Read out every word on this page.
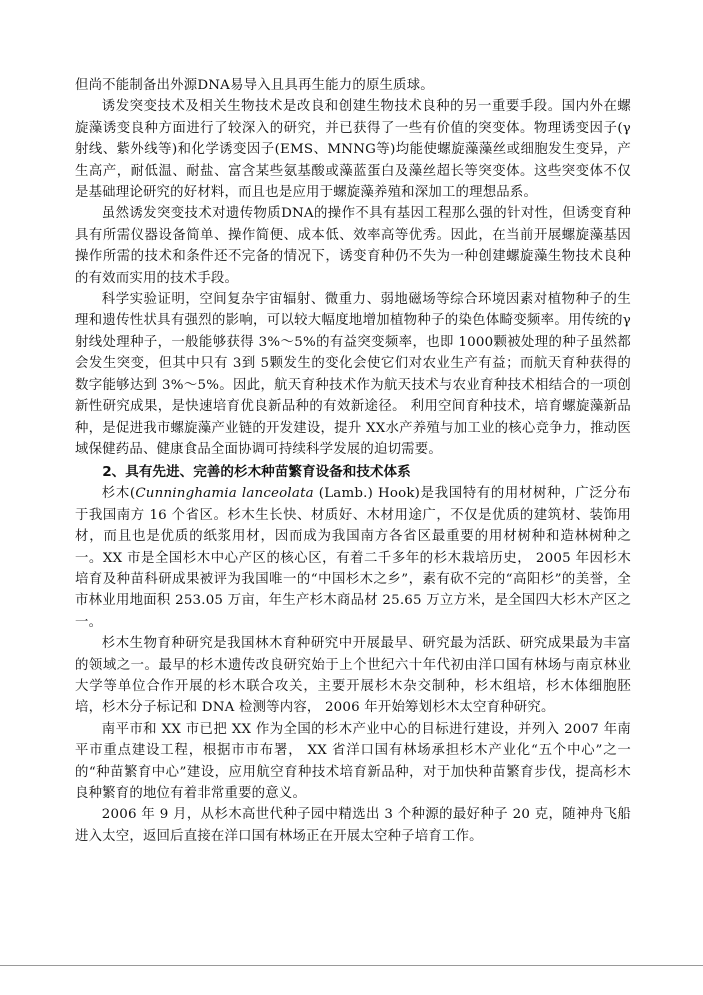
但尚不能制备出外源DNA易导入且具再生能力的原生质球。

诱发突变技术及相关生物技术是改良和创建生物技术良种的另一重要手段。国内外在螺旋藻诱变良种方面进行了较深入的研究，并已获得了一些有价值的突变体。物理诱变因子(γ射线、紫外线等)和化学诱变因子(EMS、MNNG等)均能使螺旋藻藻丝或细胞发生变异，产生高产，耐低温、耐盐、富含某些氨基酸或藻蓝蛋白及藻丝超长等突变体。这些突变体不仅是基础理论研究的好材料，而且也是应用于螺旋藻养殖和深加工的理想品系。

虽然诱发突变技术对遗传物质DNA的操作不具有基因工程那么强的针对性，但诱变育种具有所需仪器设备简单、操作简便、成本低、效率高等优秀。因此，在当前开展螺旋藻基因操作所需的技术和条件还不完备的情况下，诱变育种仍不失为一种创建螺旋藻生物技术良种的有效而实用的技术手段。

科学实验证明，空间复杂宇宙辐射、微重力、弱地磁场等综合环境因素对植物种子的生理和遗传性状具有强烈的影响，可以较大幅度地增加植物种子的染色体畸变频率。用传统的γ射线处理种子，一般能够获得 3%～5%的有益突变频率，也即 1000颗被处理的种子虽然都会发生突变，但其中只有 3到 5颗发生的变化会使它们对农业生产有益；而航天育种获得的数字能够达到 3%～5%。因此，航天育种技术作为航天技术与农业育种技术相结合的一项创新性研究成果，是快速培育优良新品种的有效新途径。 利用空间育种技术，培育螺旋藻新品种，是促进我市螺旋藻产业链的开发建设，提升 XX水产养殖与加工业的核心竞争力，推动医域保健药品、健康食品全面协调可持续科学发展的迫切需要。

2、具有先进、完善的杉木种苗繁育设备和技术体系

杉木(Cunninghamia lanceolata (Lamb.) Hook)是我国特有的用材树种，广泛分布于我国南方 16 个省区。杉木生长快、材质好、木材用途广，不仅是优质的建筑材、装饰用材，而且也是优质的纸浆用材，因而成为我国南方各省区最重要的用材树种和造林树种之一。XX 市是全国杉木中心产区的核心区，有着二千多年的杉木栽培历史， 2005 年因杉木培育及种苗科研成果被评为我国唯一的“中国杉木之乡”，素有砍不完的“高阳杉”的美誉，全市林业用地面积 253.05 万亩，年生产杉木商品材 25.65 万立方米，是全国四大杉木产区之一。

杉木生物育种研究是我国林木育种研究中开展最早、研究最为活跃、研究成果最为丰富的领域之一。最早的杉木遗传改良研究始于上个世纪六十年代初由洋口国有林场与南京林业大学等单位合作开展的杉木联合攻关，主要开展杉木杂交制种，杉木组培，杉木体细胞胚培，杉木分子标记和 DNA 检测等内容， 2006 年开始筹划杉木太空育种研究。

南平市和 XX 市已把 XX 作为全国的杉木产业中心的目标进行建设，并列入 2007 年南平市重点建设工程，根据市市布署， XX 省洋口国有林场承担杉木产业化“五个中心”之一的“种苗繁育中心”建设，应用航空育种技术培育新品种，对于加快种苗繁育步伐，提高杉木良种繁育的地位有着非常重要的意义。

2006 年 9 月，从杉木高世代种子园中精选出 3 个种源的最好种子 20 克，随神舟飞船进入太空，返回后直接在洋口国有林场正在开展太空种子培育工作。
